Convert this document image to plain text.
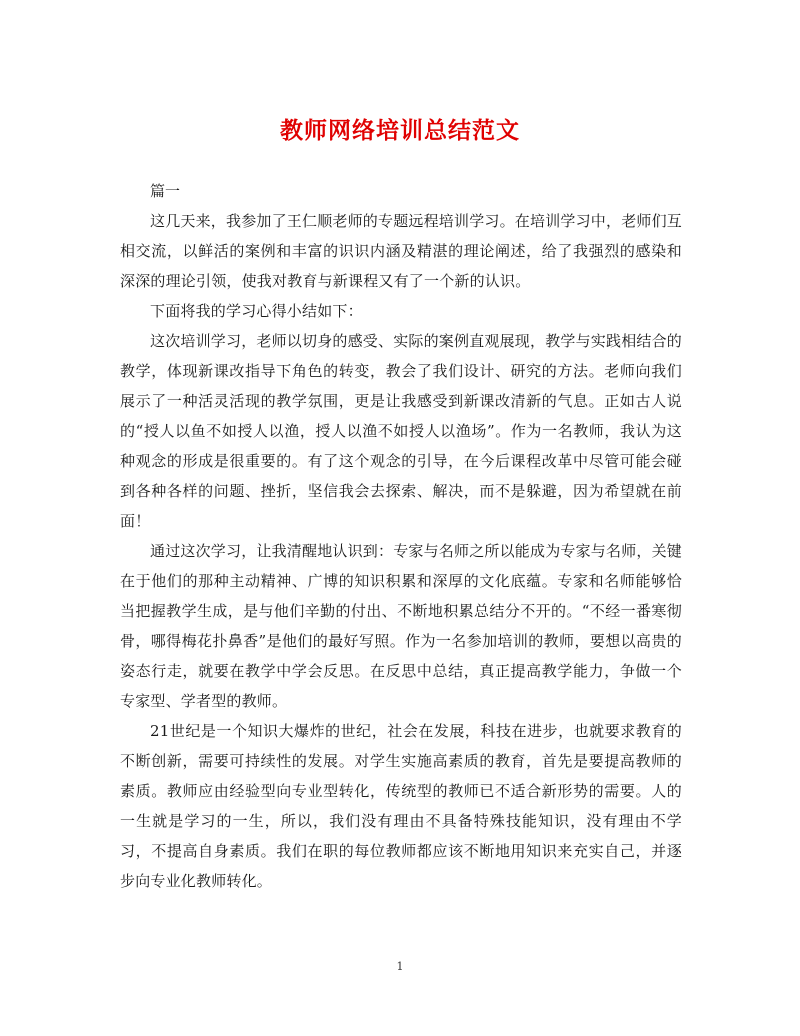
教师网络培训总结范文

篇一

这几天来，我参加了王仁顺老师的专题远程培训学习。在培训学习中，老师们互相交流，以鲜活的案例和丰富的识识内涵及精湛的理论阐述，给了我强烈的感染和深深的理论引领，使我对教育与新课程又有了一个新的认识。

下面将我的学习心得小结如下：

这次培训学习，老师以切身的感受、实际的案例直观展现，教学与实践相结合的教学，体现新课改指导下角色的转变，教会了我们设计、研究的方法。老师向我们展示了一种活灵活现的教学氛围，更是让我感受到新课改清新的气息。正如古人说的“授人以鱼不如授人以渔，授人以渔不如授人以渔场”。作为一名教师，我认为这种观念的形成是很重要的。有了这个观念的引导，在今后课程改革中尽管可能会碰到各种各样的问题、挫折，坚信我会去探索、解决，而不是躲避，因为希望就在前面！

通过这次学习，让我清醒地认识到：专家与名师之所以能成为专家与名师，关键在于他们的那种主动精神、广博的知识积累和深厚的文化底蕴。专家和名师能够恰当把握教学生成，是与他们辛勤的付出、不断地积累总结分不开的。“不经一番寒彻骨，哪得梅花扑鼻香”是他们的最好写照。作为一名参加培训的教师，要想以高贵的姿态行走，就要在教学中学会反思。在反思中总结，真正提高教学能力，争做一个专家型、学者型的教师。

21世纪是一个知识大爆炸的世纪，社会在发展，科技在进步，也就要求教育的不断创新，需要可持续性的发展。对学生实施高素质的教育，首先是要提高教师的素质。教师应由经验型向专业型转化，传统型的教师已不适合新形势的需要。人的一生就是学习的一生，所以，我们没有理由不具备特殊技能知识，没有理由不学习，不提高自身素质。我们在职的每位教师都应该不断地用知识来充实自己，并逐步向专业化教师转化。

1
